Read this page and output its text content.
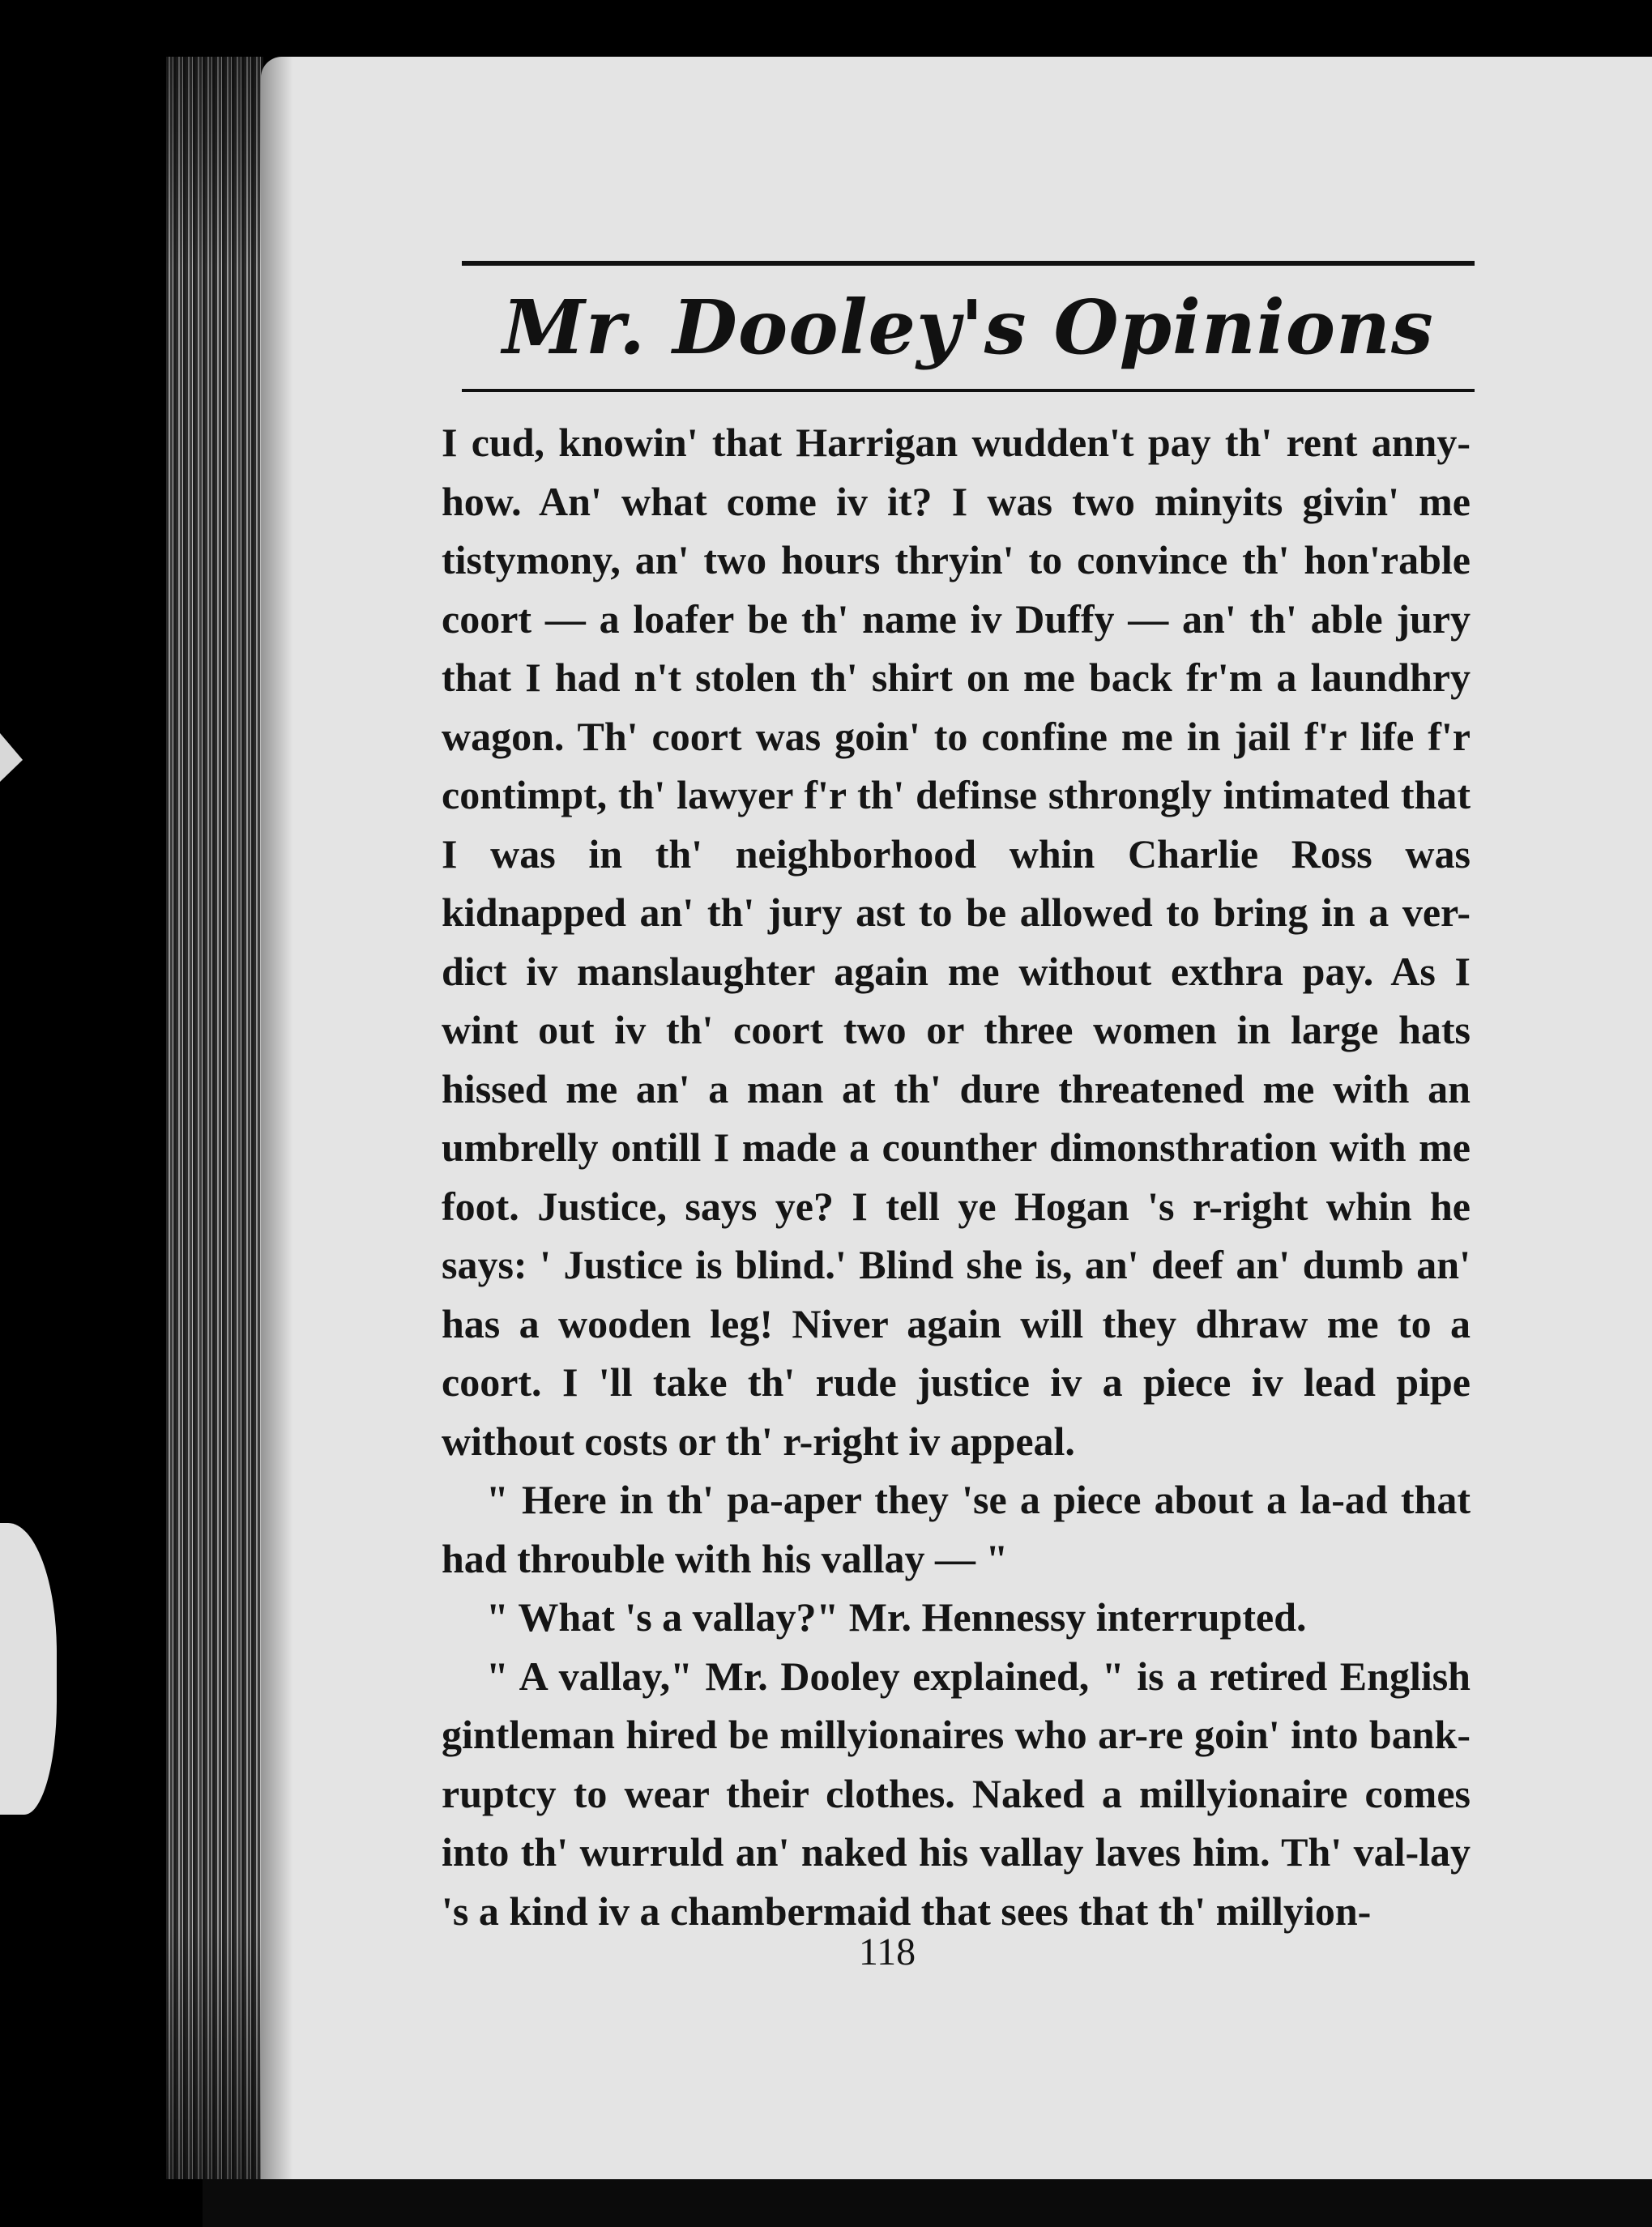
Mr. Dooley's Opinions

I cud, knowin' that Harrigan wudden't pay th' rent anny-how. An' what come iv it? I was two minyits givin' me tistymony, an' two hours thryin' to convince th' hon'rable coort — a loafer be th' name iv Duffy — an' th' able jury that I had n't stolen th' shirt on me back fr'm a laundhry wagon. Th' coort was goin' to confine me in jail f'r life f'r contimpt, th' lawyer f'r th' definse sthrongly intimated that I was in th' neighborhood whin Charlie Ross was kidnapped an' th' jury ast to be allowed to bring in a ver-dict iv manslaughter again me without exthra pay. As I wint out iv th' coort two or three women in large hats hissed me an' a man at th' dure threatened me with an umbrelly ontill I made a counther dimonsthration with me foot. Justice, says ye? I tell ye Hogan 's r-right whin he says: ' Justice is blind.' Blind she is, an' deef an' dumb an' has a wooden leg! Niver again will they dhraw me to a coort. I 'll take th' rude justice iv a piece iv lead pipe without costs or th' r-right iv appeal.

" Here in th' pa-aper they 'se a piece about a la-ad that had throuble with his vallay — "

" What 's a vallay?" Mr. Hennessy interrupted.

" A vallay," Mr. Dooley explained, " is a retired English gintleman hired be millyionaires who ar-re goin' into bank-ruptcy to wear their clothes. Naked a millyionaire comes into th' wurruld an' naked his vallay laves him. Th' val-lay 's a kind iv a chambermaid that sees that th' millyion-

118
